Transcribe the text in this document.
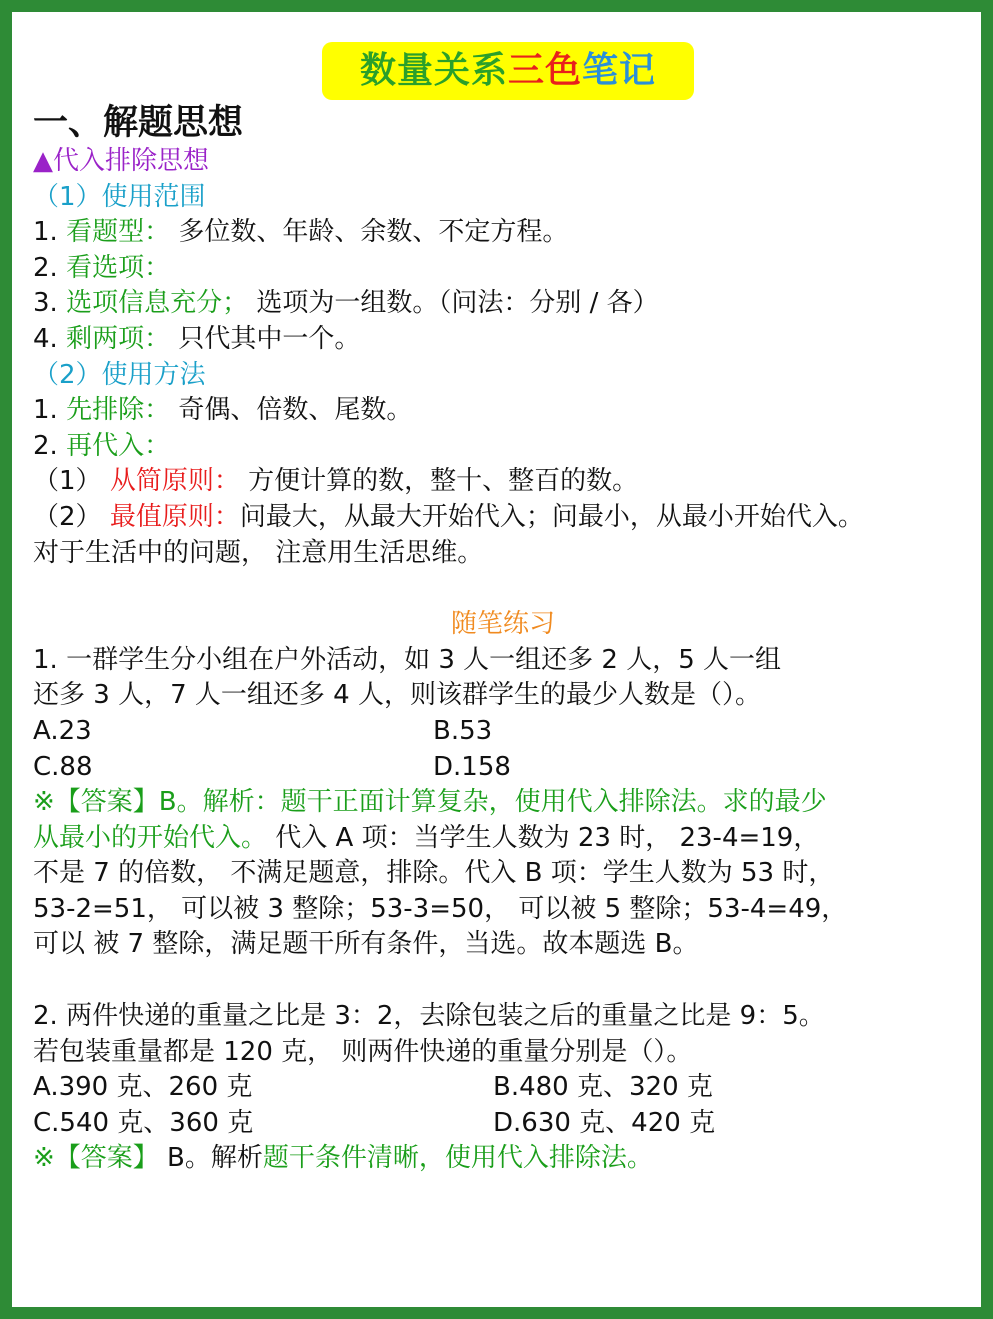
数量关系三色笔记
一、解题思想
▲代入排除思想
（1）使用范围
1. 看题型： 多位数、年龄、余数、不定方程。
2. 看选项：
3. 选项信息充分； 选项为一组数。（问法：分别 / 各）
4. 剩两项： 只代其中一个。
（2）使用方法
1. 先排除： 奇偶、倍数、尾数。
2. 再代入：
（1） 从简原则： 方便计算的数，整十、整百的数。
（2） 最值原则：问最大，从最大开始代入；问最小，从最小开始代入。
对于生活中的问题， 注意用生活思维。
随笔练习
1. 一群学生分小组在户外活动，如 3 人一组还多 2 人，5 人一组
还多 3 人，7 人一组还多 4 人，则该群学生的最少人数是（）。
A.23	B.53
C.88	D.158
※【答案】B。解析：题干正面计算复杂，使用代入排除法。求的最少
从最小的开始代入。 代入 A 项：当学生人数为 23 时， 23-4=19，
不是 7 的倍数， 不满足题意，排除。代入 B 项：学生人数为 53 时，
53-2=51， 可以被 3 整除；53-3=50， 可以被 5 整除；53-4=49，
可以 被 7 整除，满足题干所有条件，当选。故本题选 B。
2. 两件快递的重量之比是 3：2，去除包装之后的重量之比是 9：5。
若包装重量都是 120 克， 则两件快递的重量分别是（）。
A.390 克、260 克	B.480 克、320 克
C.540 克、360 克	D.630 克、420 克
※【答案】 B。解析题干条件清晰，使用代入排除法。
